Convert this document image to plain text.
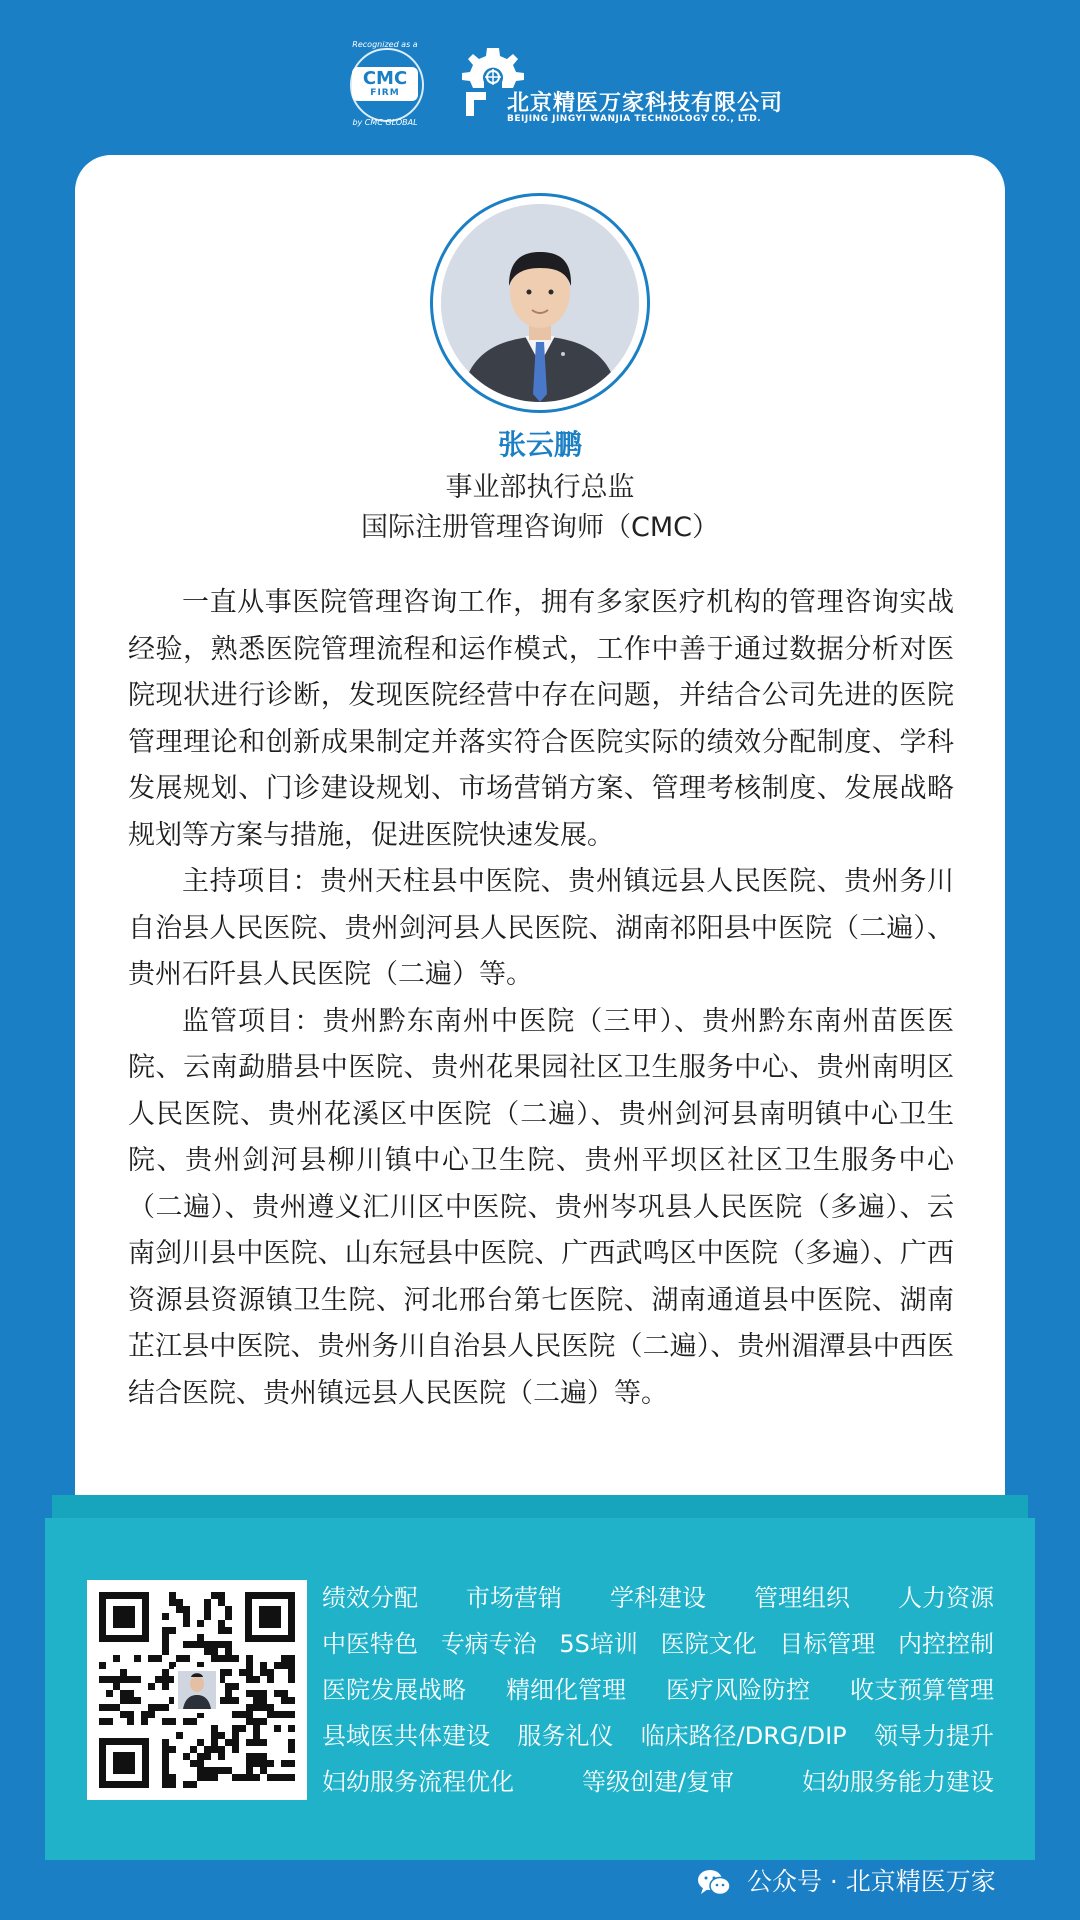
Recognized as a
CMC
FIRM
by CMC GLOBAL
北京精医万家科技有限公司
BEIJING JINGYI WANJIA TECHNOLOGY CO., LTD.
张云鹏
事业部执行总监
国际注册管理咨询师（CMC）

一直从事医院管理咨询工作，拥有多家医疗机构的管理咨询实战经验，熟悉医院管理流程和运作模式，工作中善于通过数据分析对医院现状进行诊断，发现医院经营中存在问题，并结合公司先进的医院管理理论和创新成果制定并落实符合医院实际的绩效分配制度、学科发展规划、门诊建设规划、市场营销方案、管理考核制度、发展战略规划等方案与措施，促进医院快速发展。

主持项目：贵州天柱县中医院、贵州镇远县人民医院、贵州务川自治县人民医院、贵州剑河县人民医院、湖南祁阳县中医院（二遍）、贵州石阡县人民医院（二遍）等。

监管项目：贵州黔东南州中医院（三甲）、贵州黔东南州苗医医院、云南勐腊县中医院、贵州花果园社区卫生服务中心、贵州南明区人民医院、贵州花溪区中医院（二遍）、贵州剑河县南明镇中心卫生院、贵州剑河县柳川镇中心卫生院、贵州平坝区社区卫生服务中心（二遍）、贵州遵义汇川区中医院、贵州岑巩县人民医院（多遍）、云南剑川县中医院、山东冠县中医院、广西武鸣区中医院（多遍）、广西资源县资源镇卫生院、河北邢台第七医院、湖南通道县中医院、湖南芷江县中医院、贵州务川自治县人民医院（二遍）、贵州湄潭县中西医结合医院、贵州镇远县人民医院（二遍）等。

绩效分配 市场营销 学科建设 管理组织 人力资源
中医特色 专病专治 5S培训 医院文化 目标管理 内控控制
医院发展战略 精细化管理 医疗风险防控 收支预算管理
县域医共体建设 服务礼仪 临床路径/DRG/DIP 领导力提升
妇幼服务流程优化	等级创建/复审	妇幼服务能力建设
公众号 · 北京精医万家
